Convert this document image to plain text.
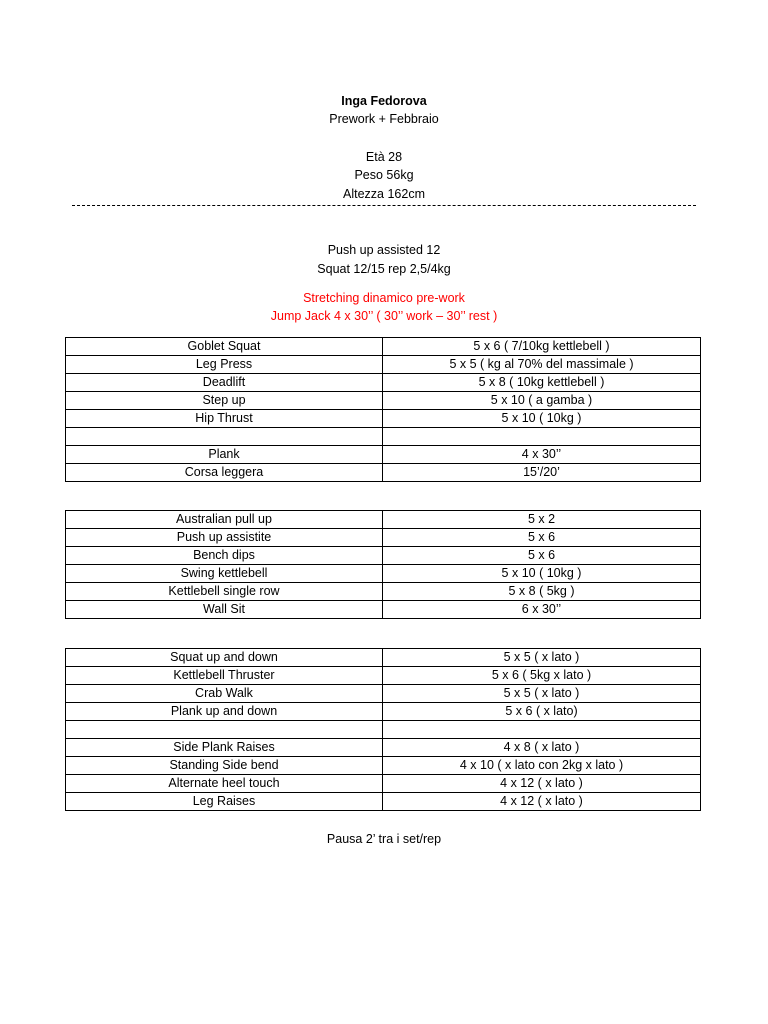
Inga Fedorova
Prework + Febbraio
Età 28
Peso 56kg
Altezza 162cm
Push up assisted 12
Squat 12/15 rep 2,5/4kg
Stretching dinamico pre-work
Jump Jack 4 x 30’’ ( 30’’ work – 30’’ rest )
Goblet Squat	5 x 6 ( 7/10kg kettlebell )
Leg Press	5 x 5 ( kg al 70% del massimale )
Deadlift	5 x 8 ( 10kg kettlebell )
Step up	5 x 10 ( a gamba )
Hip Thrust	5 x 10 ( 10kg )

Plank	4 x 30’’
Corsa leggera	15’/20’
Australian pull up	5 x 2
Push up assistite	5 x 6
Bench dips	5 x 6
Swing kettlebell	5 x 10 ( 10kg )
Kettlebell single row	5 x 8 ( 5kg )
Wall Sit	6 x 30’’
Squat up and down	5 x 5 ( x lato )
Kettlebell Thruster	5 x 6 ( 5kg x lato )
Crab Walk	5 x 5 ( x lato )
Plank up and down	5 x 6 ( x lato)

Side Plank Raises	4 x 8 ( x lato )
Standing Side bend	4 x 10 ( x lato con 2kg x lato )
Alternate heel touch	4 x 12 ( x lato )
Leg Raises	4 x 12 ( x lato )
Pausa 2’ tra i set/rep
